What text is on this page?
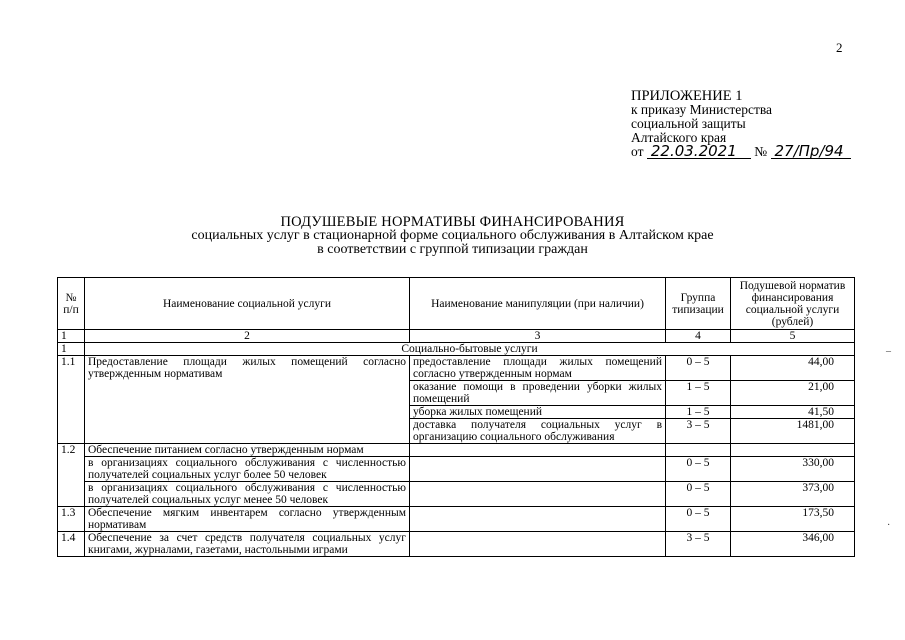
2
ПРИЛОЖЕНИЕ 1
к приказу Министерства
социальной защиты
Алтайского края
от 22.03.2021 № 27/Пр/94
ПОДУШЕВЫЕ НОРМАТИВЫ ФИНАНСИРОВАНИЯ
социальных услуг в стационарной форме социального обслуживания в Алтайском крае
в соответствии с группой типизации граждан
№ п/п	Наименование социальной услуги	Наименование манипуляции (при наличии)	Группа типизации	Подушевой норматив финансирования социальной услуги (рублей)
1	2	3	4	5
1	Социально-бытовые услуги			
1.1	Предоставление площади жилых помещений согласно утвержденным нормативам	предоставление площади жилых помещений согласно утвержденным нормам	0 – 5	44,00
		оказание помощи в проведении уборки жилых помещений	1 – 5	21,00
		уборка жилых помещений	1 – 5	41,50
		доставка получателя социальных услуг в организацию социального обслуживания	3 – 5	1481,00
1.2	Обеспечение питанием согласно утвержденным нормам			
	в организациях социального обслуживания с численностью получателей социальных услуг более 50 человек		0 – 5	330,00
	в организациях социального обслуживания с численностью получателей социальных услуг менее 50 человек		0 – 5	373,00
1.3	Обеспечение мягким инвентарем согласно утвержденным нормативам		0 – 5	173,50
1.4	Обеспечение за счет средств получателя социальных услуг книгами, журналами, газетами, настольными играми		3 – 5	346,00
–
·
